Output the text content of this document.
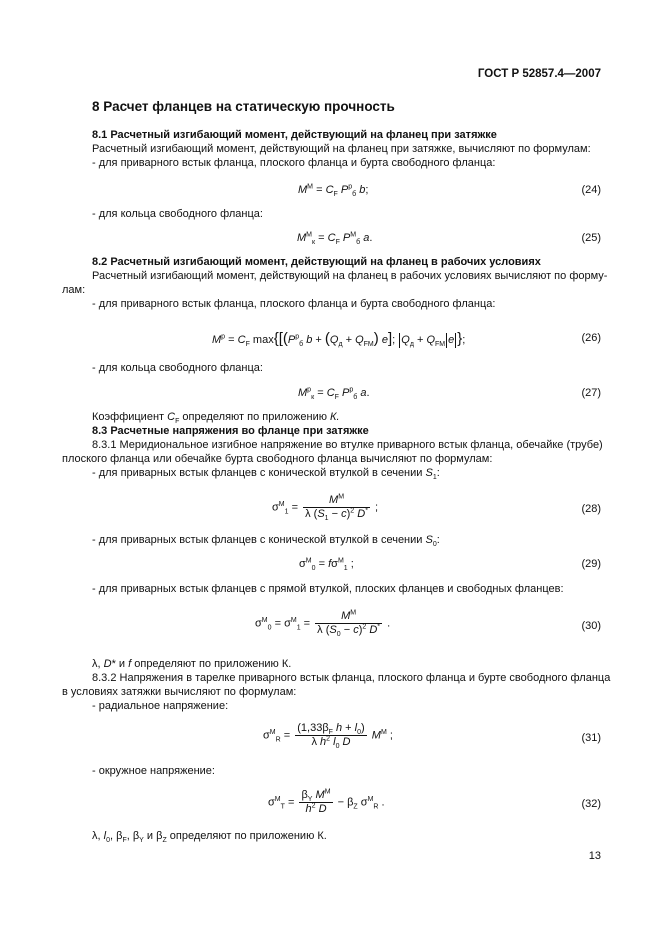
ГОСТ Р 52857.4—2007
8 Расчет фланцев на статическую прочность
8.1 Расчетный изгибающий момент, действующий на фланец при затяжке
Расчетный изгибающий момент, действующий на фланец при затяжке, вычисляют по формулам:
- для приварного встык фланца, плоского фланца и бурта свободного фланца:
$M^M = C_F$ $P^p_б$ b;	(24)
- для кольца свободного фланца:
$M^M_к = C_F$ $P^M_б$ a.	(25)
8.2 Расчетный изгибающий момент, действующий на фланец в рабочих условиях
Расчетный изгибающий момент, действующий на фланец в рабочих условиях вычисляют по форму-
лам:
- для приварного встык фланца, плоского фланца и бурта свободного фланца:
$M^p = C_F$ $\max\{[(P^p_б$ $b + (Q_д + Q_{FM})$ e]; $Q_д + Q_{FM}$ e };	(26)
- для кольца свободного фланца:
$M^p_к = C_F$ $P^p_б$ a.	(27)
Коэффициент $C_F$ определяют по приложению К.
8.3 Расчетные напряжения во фланце при затяжке
8.3.1 Меридиональное изгибное напряжение во втулке приварного встык фланца, обечайке (трубе)
плоского фланца или обечайке бурта свободного фланца вычисляют по формулам:
- для приварных встык фланцев с конической втулкой в сечении $S_1$:
$\sigma^M_1 = \frac{M^M}{\lambda (S_1 - c)^2 D^*}$ ;	(28)
- для приварных встык фланцев с конической втулкой в сечении $S_0$:
$\sigma^M_0 = f\sigma^M_1$ ;	(29)
- для приварных встык фланцев с прямой втулкой, плоских фланцев и свободных фланцев:
$\sigma^M_0 = \sigma^M_1 = \frac{M^M}{\lambda (S_0 - c)^2 D^*}$ .	(30)
λ, D* и f определяют по приложению К.
8.3.2 Напряжения в тарелке приварного встык фланца, плоского фланца и бурте свободного фланца
в условиях затяжки вычисляют по формулам:
- радиальное напряжение:
$\sigma^M_R = \frac{(1,33\beta_F h + l_0)}{\lambda h^2 l_0 D} M^M$ ;	(31)
- окружное напряжение:
$\sigma^M_T = \frac{\beta_Y M^M}{h^2 D} - \beta_Z$ $\sigma^M_R$ .	(32)
λ, $l_0$, $\beta_F$, $\beta_Y$ и $\beta_Z$ определяют по приложению К.
13
